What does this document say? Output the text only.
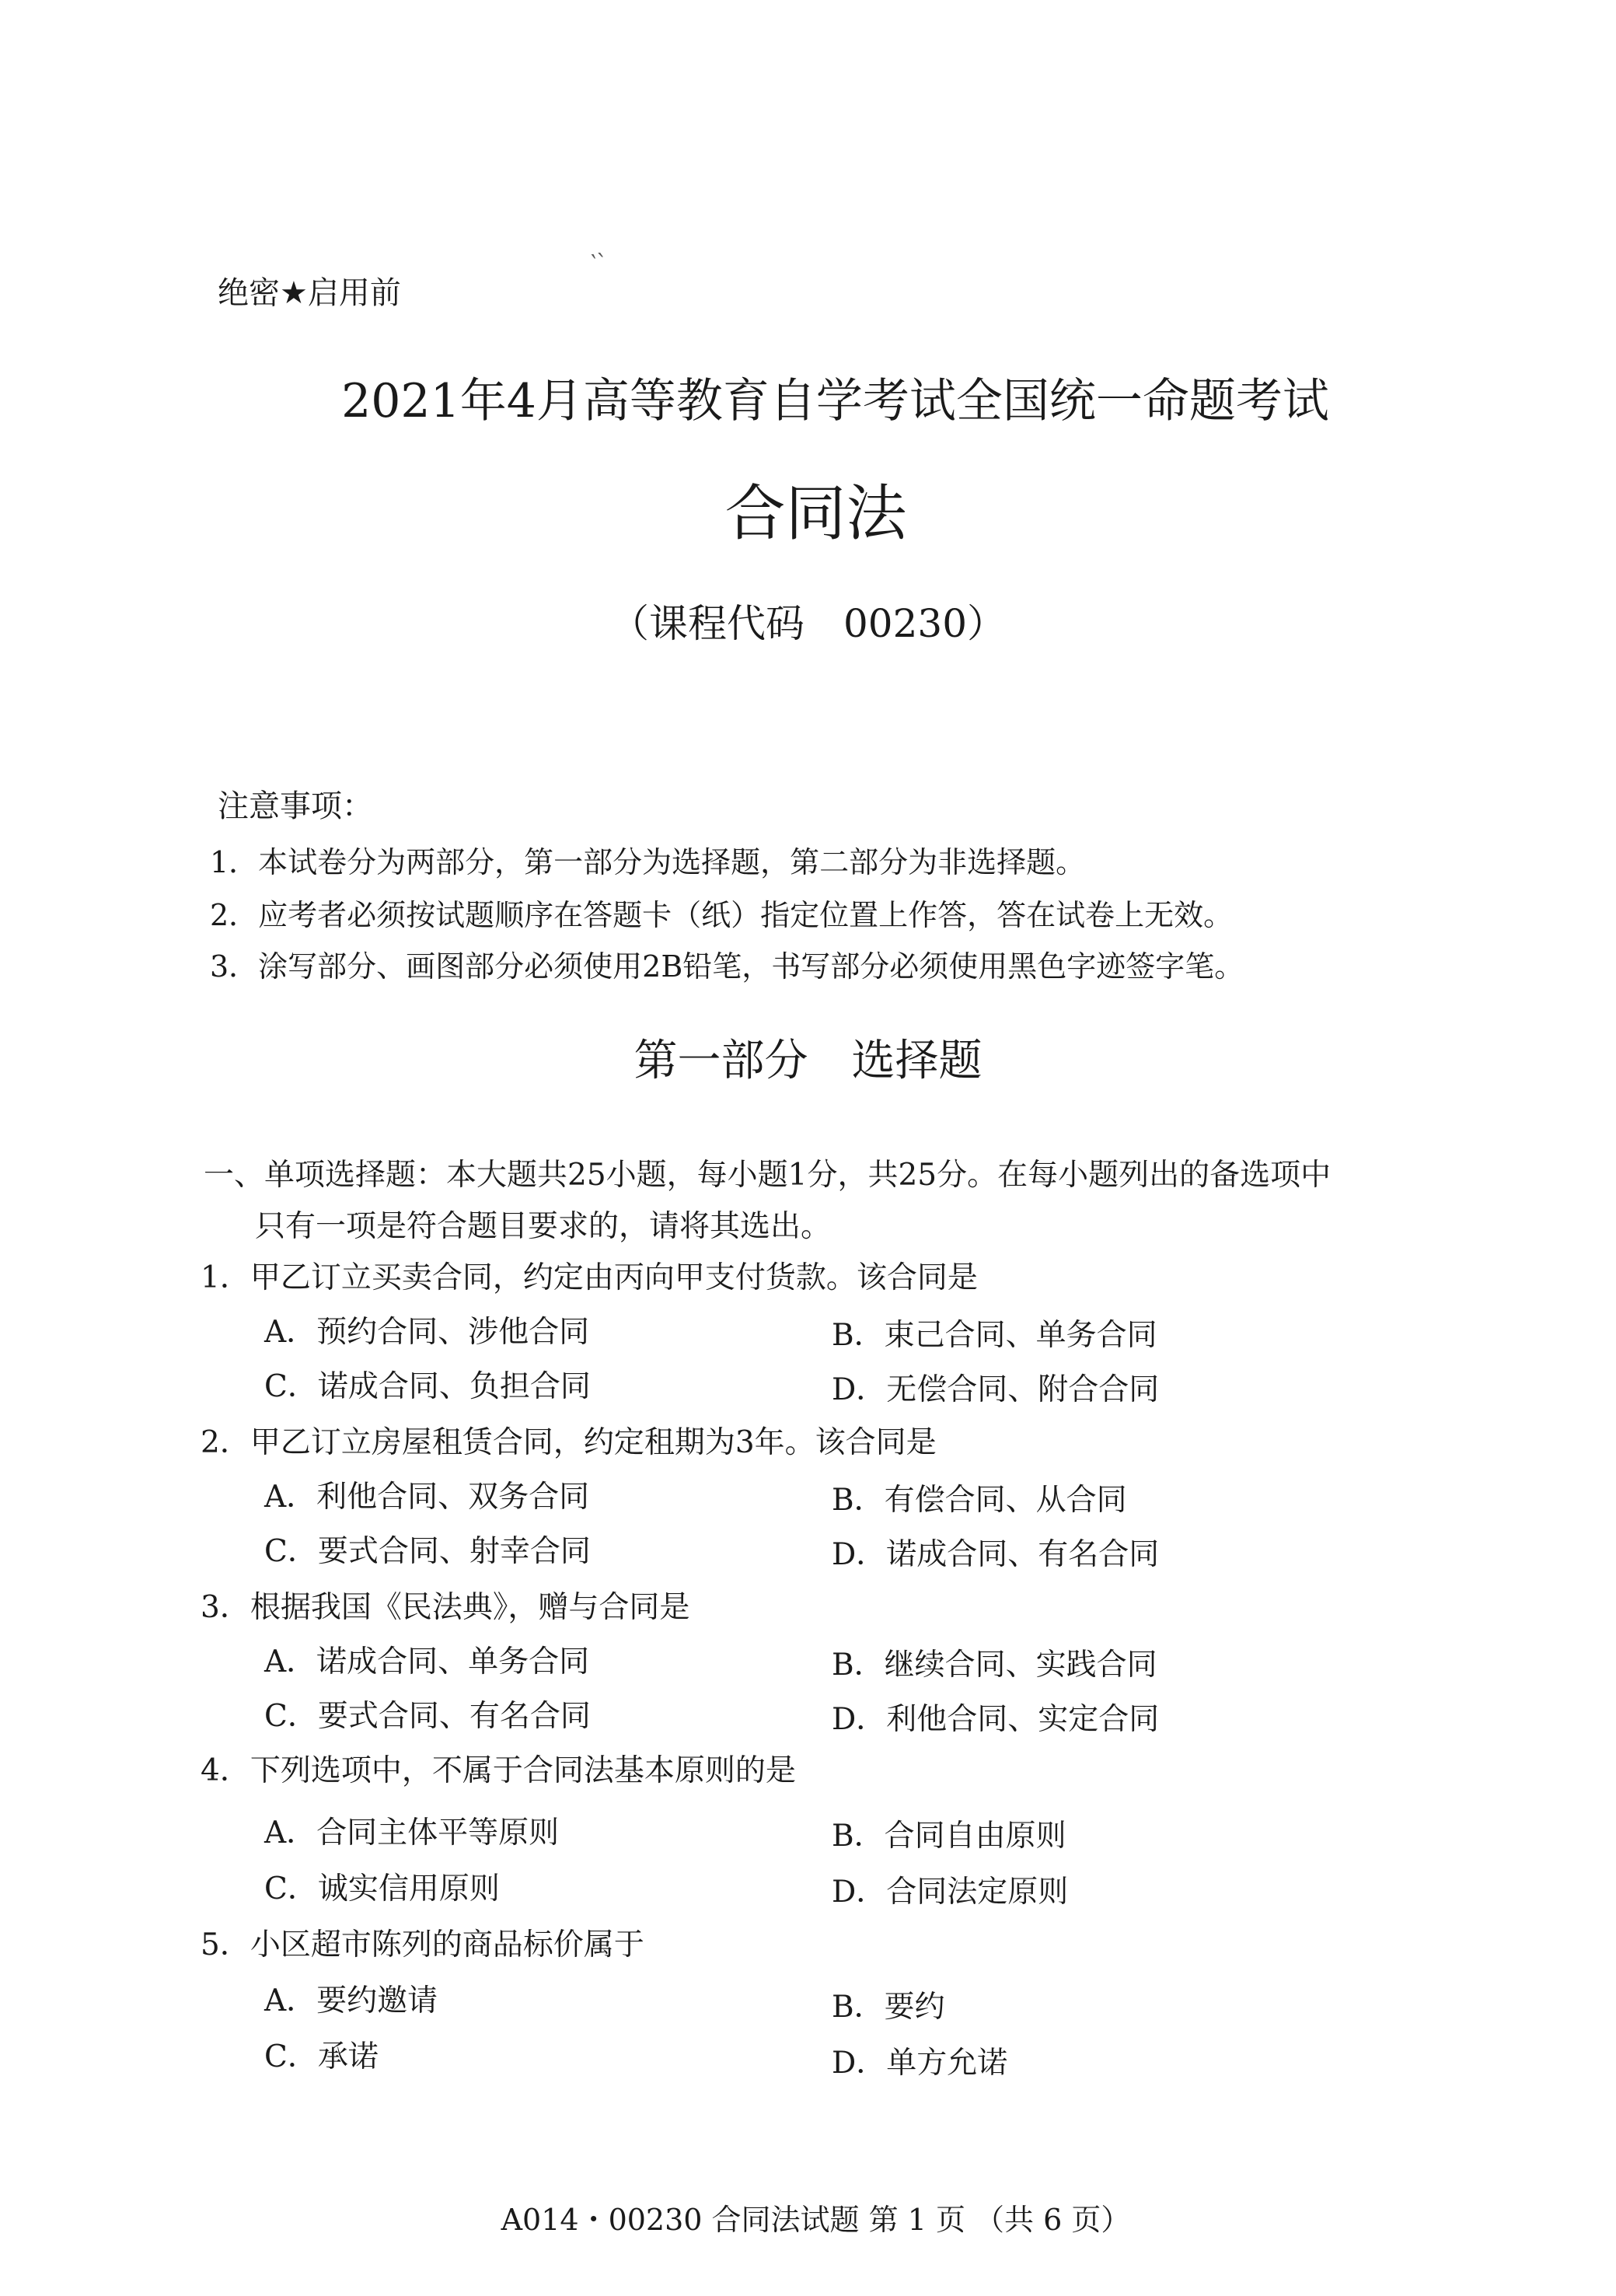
‵ˋ
绝密★启用前
2021年4月高等教育自学考试全国统一命题考试
合同法
（课程代码　00230）
注意事项：
1．本试卷分为两部分，第一部分为选择题，第二部分为非选择题。
2．应考者必须按试题顺序在答题卡（纸）指定位置上作答，答在试卷上无效。
3．涂写部分、画图部分必须使用2B铅笔，书写部分必须使用黑色字迹签字笔。
第一部分　选择题
一、单项选择题：本大题共25小题，每小题1分，共25分。在每小题列出的备选项中
只有一项是符合题目要求的，请将其选出。
1．甲乙订立买卖合同，约定由丙向甲支付货款。该合同是
A．预约合同、涉他合同	B．束己合同、单务合同
C．诺成合同、负担合同	D．无偿合同、附合合同
2．甲乙订立房屋租赁合同，约定租期为3年。该合同是
A．利他合同、双务合同	B．有偿合同、从合同
C．要式合同、射幸合同	D．诺成合同、有名合同
3．根据我国《民法典》，赠与合同是
A．诺成合同、单务合同	B．继续合同、实践合同
C．要式合同、有名合同	D．利他合同、实定合同
4．下列选项中，不属于合同法基本原则的是
A．合同主体平等原则	B．合同自由原则
C．诚实信用原则	D．合同法定原则
5．小区超市陈列的商品标价属于
A．要约邀请	B．要约
C．承诺	D．单方允诺
A014・00230 合同法试题 第 1 页 （共 6 页）
